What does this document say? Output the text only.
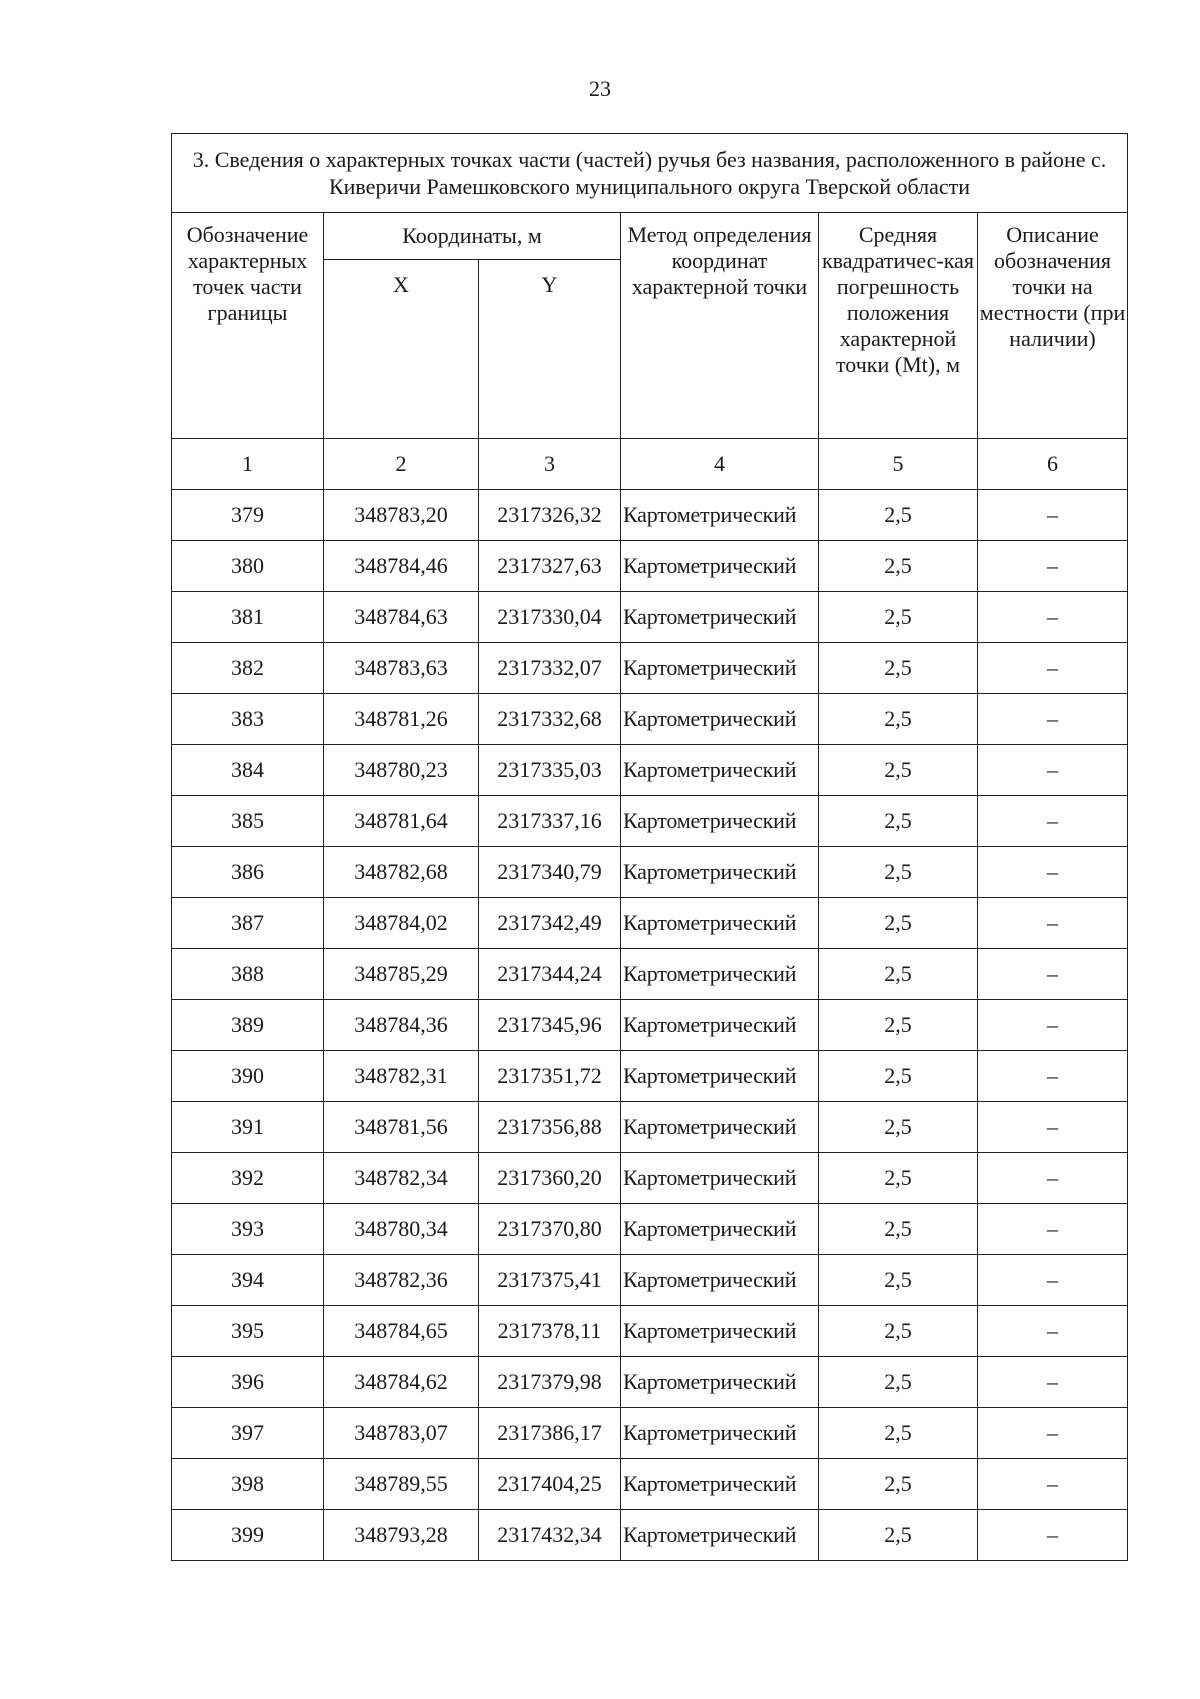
23
3. Сведения о характерных точках части (частей) ручья без названия, расположенного в районе с. Киверичи Рамешковского муниципального округа Тверской области					
Обозначение характерных точек части границы	Координаты, м		Метод определения координат характерной точки	Средняя квадратичес-кая погрешность положения характерной точки (Mt), м	Описание обозначения точки на местности (при наличии)
	X	Y			
1	2	3	4	5	6
379	348783,20	2317326,32	Картометрический	2,5	–
380	348784,46	2317327,63	Картометрический	2,5	–
381	348784,63	2317330,04	Картометрический	2,5	–
382	348783,63	2317332,07	Картометрический	2,5	–
383	348781,26	2317332,68	Картометрический	2,5	–
384	348780,23	2317335,03	Картометрический	2,5	–
385	348781,64	2317337,16	Картометрический	2,5	–
386	348782,68	2317340,79	Картометрический	2,5	–
387	348784,02	2317342,49	Картометрический	2,5	–
388	348785,29	2317344,24	Картометрический	2,5	–
389	348784,36	2317345,96	Картометрический	2,5	–
390	348782,31	2317351,72	Картометрический	2,5	–
391	348781,56	2317356,88	Картометрический	2,5	–
392	348782,34	2317360,20	Картометрический	2,5	–
393	348780,34	2317370,80	Картометрический	2,5	–
394	348782,36	2317375,41	Картометрический	2,5	–
395	348784,65	2317378,11	Картометрический	2,5	–
396	348784,62	2317379,98	Картометрический	2,5	–
397	348783,07	2317386,17	Картометрический	2,5	–
398	348789,55	2317404,25	Картометрический	2,5	–
399	348793,28	2317432,34	Картометрический	2,5	–
